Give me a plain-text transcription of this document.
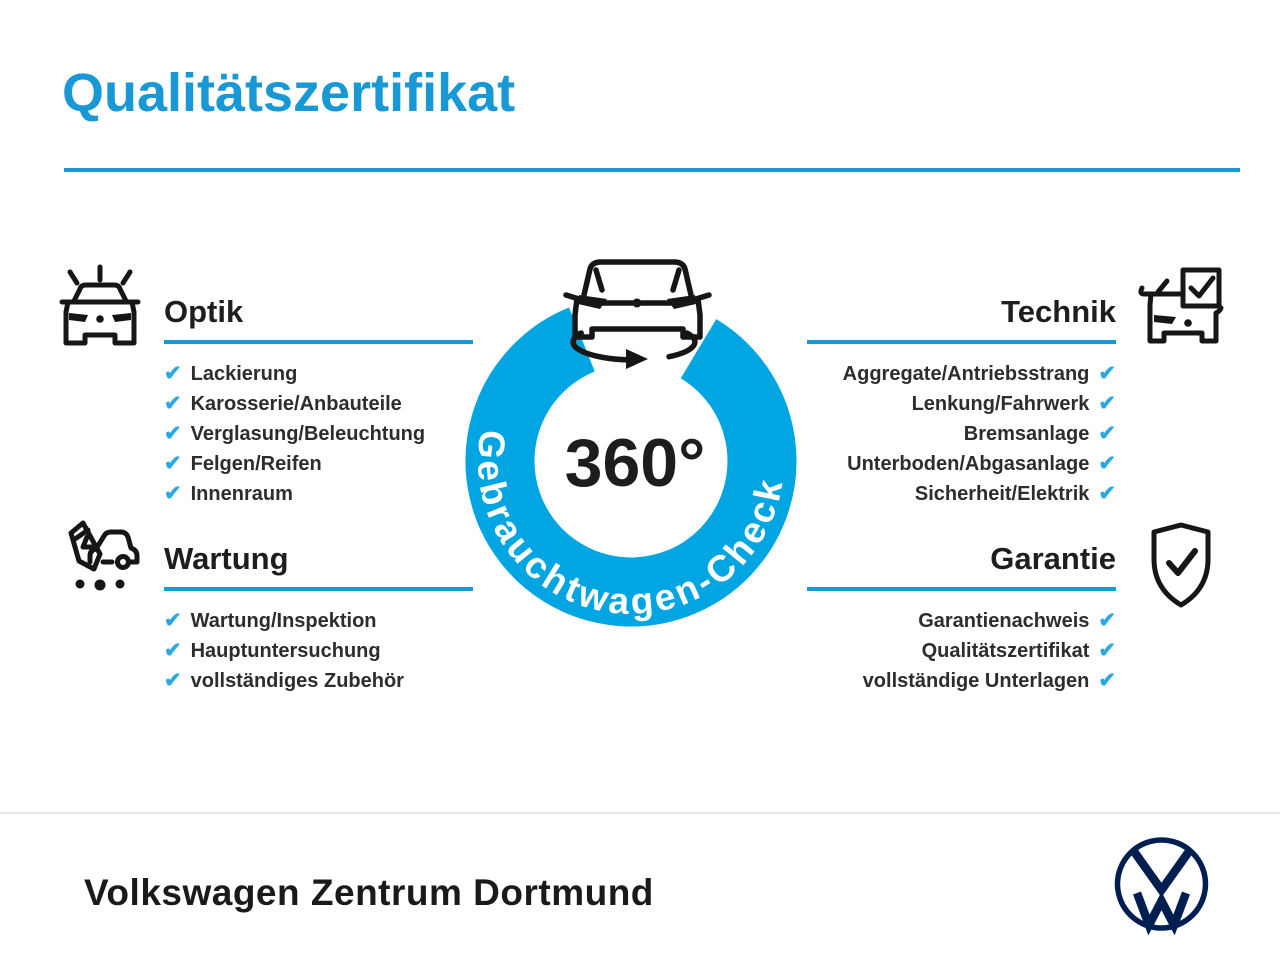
Qualitätszertifikat
Optik
✔ Lackierung
✔ Karosserie/Anbauteile
✔ Verglasung/Beleuchtung
✔ Felgen/Reifen
✔ Innenraum
Wartung
✔ Wartung/Inspektion
✔ Hauptuntersuchung
✔ vollständiges Zubehör
Technik
Aggregate/Antriebsstrang ✔
Lenkung/Fahrwerk ✔
Bremsanlage ✔
Unterboden/Abgasanlage ✔
Sicherheit/Elektrik ✔
Garantie
Garantienachweis ✔
Qualitätszertifikat ✔
vollständige Unterlagen ✔
Gebrauchtwagen-Check
360°
Volkswagen Zentrum Dortmund
